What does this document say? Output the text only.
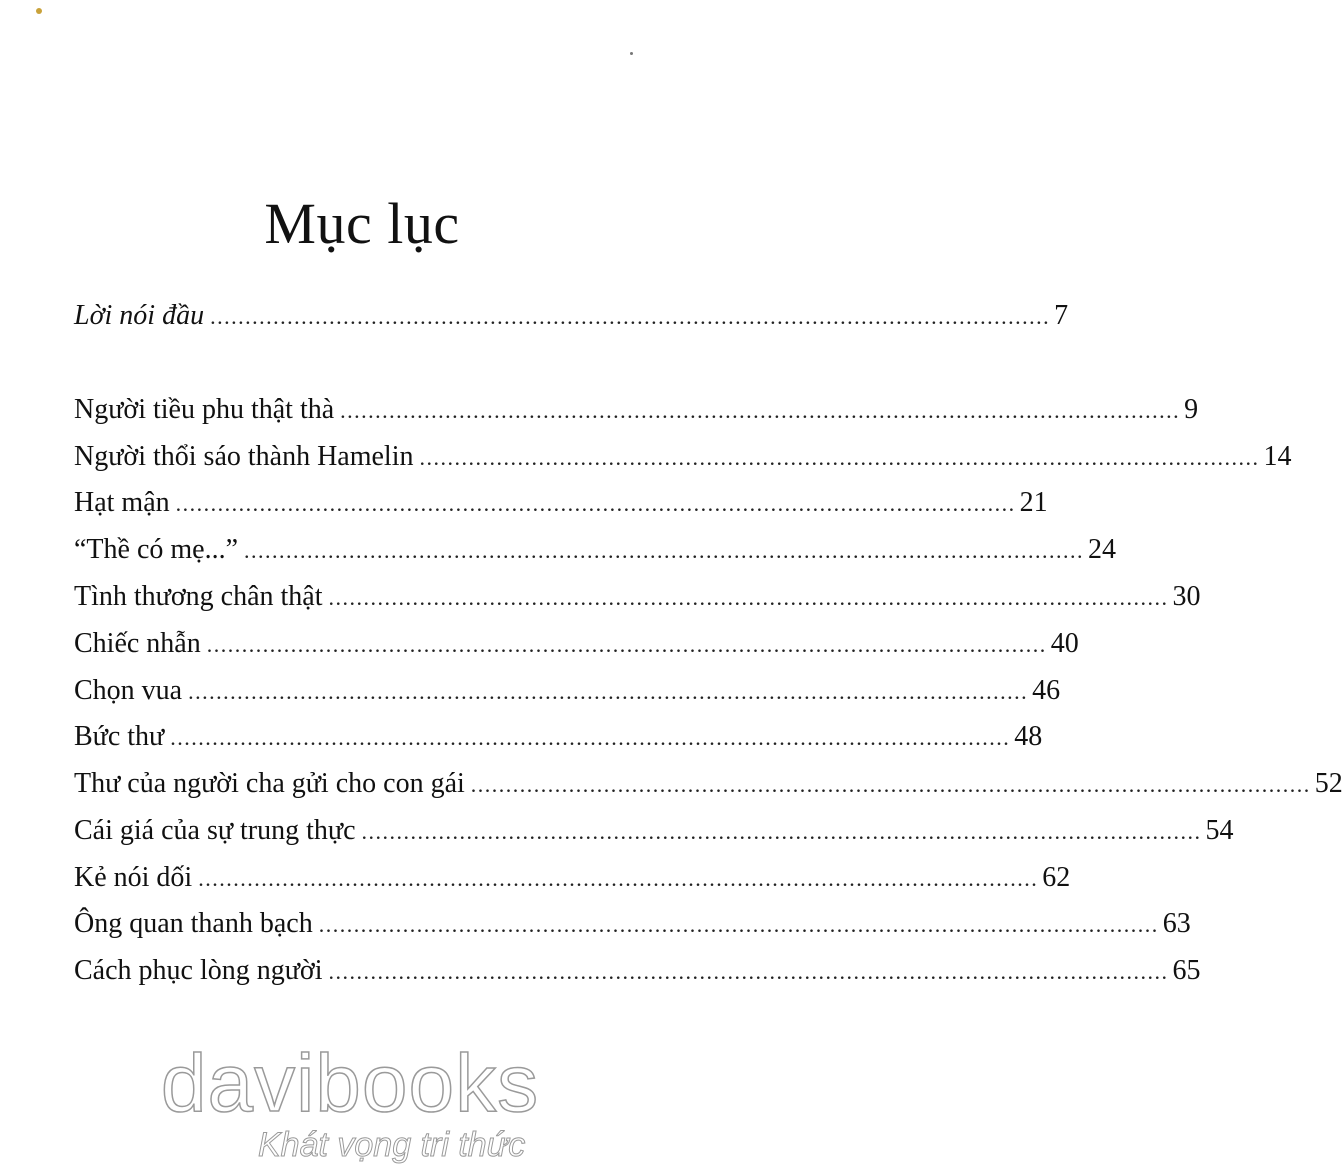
Mục lục
Lời nói đầu ........................................................................................................................ 7
Người tiều phu thật thà ........................................................................................................................ 9
Người thổi sáo thành Hamelin ........................................................................................................................ 14
Hạt mận ........................................................................................................................ 21
“Thề có mẹ...” ........................................................................................................................ 24
Tình thương chân thật ........................................................................................................................ 30
Chiếc nhẫn ........................................................................................................................ 40
Chọn vua ........................................................................................................................ 46
Bức thư ........................................................................................................................ 48
Thư của người cha gửi cho con gái ........................................................................................................................ 52
Cái giá của sự trung thực ........................................................................................................................ 54
Kẻ nói dối ........................................................................................................................ 62
Ông quan thanh bạch ........................................................................................................................ 63
Cách phục lòng người ........................................................................................................................ 65
davibooks
Khát vọng tri thức
